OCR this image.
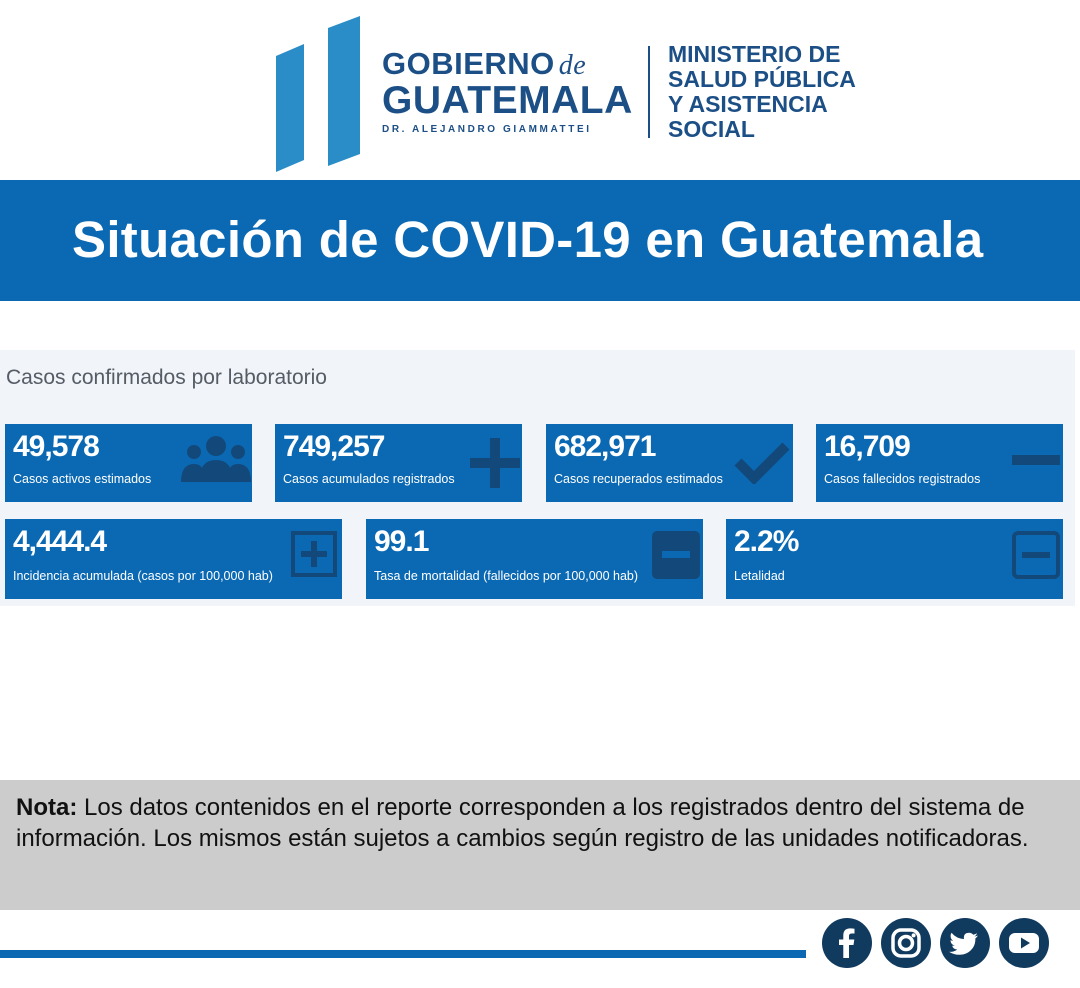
GOBIERNO de
GUATEMALA
DR. ALEJANDRO GIAMMATTEI
MINISTERIO DE
SALUD PÚBLICA
Y ASISTENCIA
SOCIAL
Situación de COVID-19 en Guatemala
Casos confirmados por laboratorio
49,578
Casos activos estimados
749,257
Casos acumulados registrados
682,971
Casos recuperados estimados
16,709
Casos fallecidos registrados
4,444.4
Incidencia acumulada (casos por 100,000 hab)
99.1
Tasa de mortalidad (fallecidos por 100,000 hab)
2.2%
Letalidad

Nota: Los datos contenidos en el reporte corresponden a los registrados dentro del sistema de información. Los mismos están sujetos a cambios según registro de las unidades notificadoras.
